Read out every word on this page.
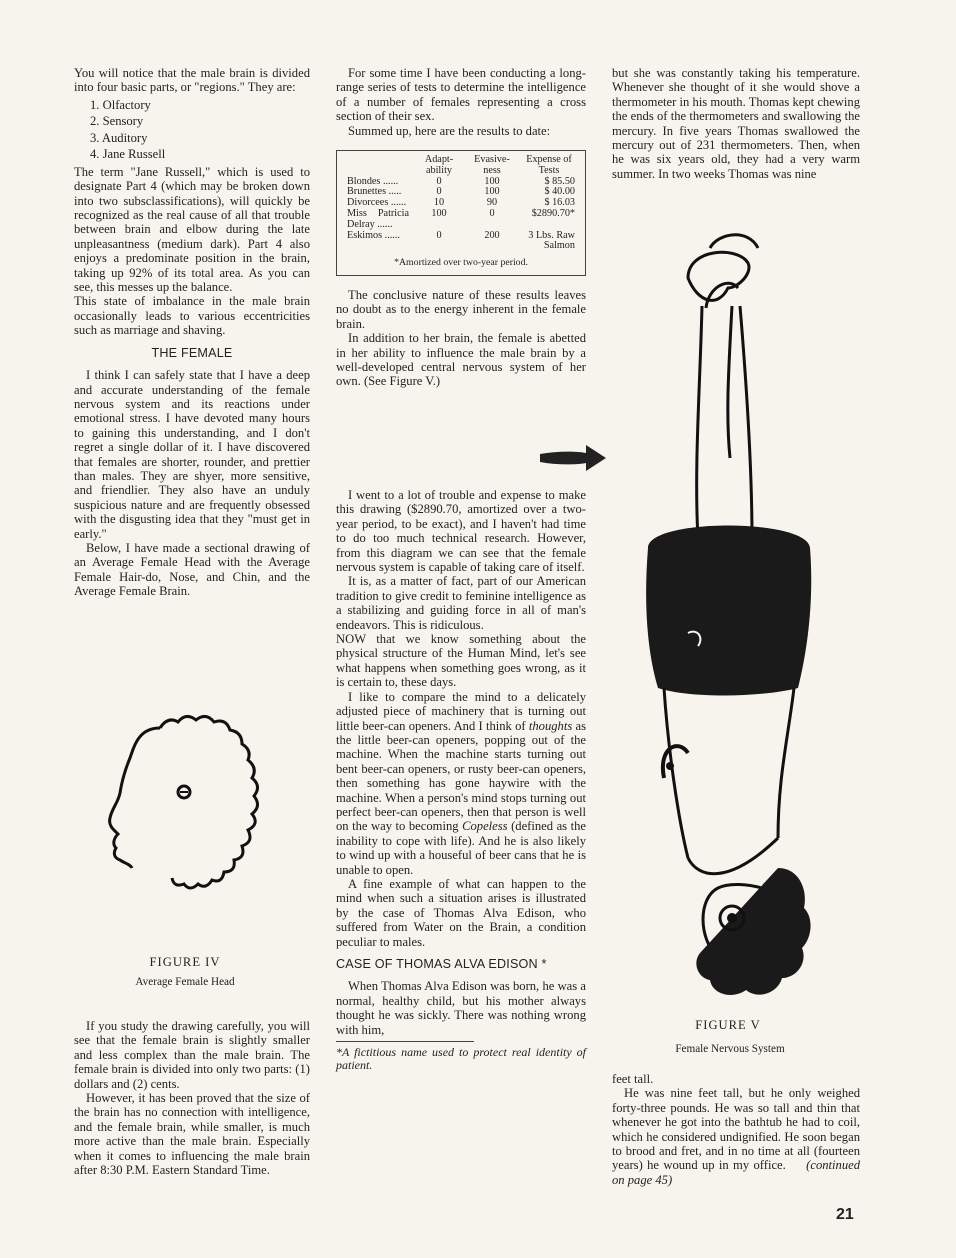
You will notice that the male brain is divided into four basic parts, or "regions." They are:

1. Olfactory
2. Sensory
3. Auditory
4. Jane Russell

The term "Jane Russell," which is used to designate Part 4 (which may be broken down into two subsclassifications), will quickly be recognized as the real cause of all that trouble between brain and elbow during the late unpleasantness (medium dark). Part 4 also enjoys a predominate position in the brain, taking up 92% of its total area. As you can see, this messes up the balance.

This state of imbalance in the male brain occasionally leads to various eccentricities such as marriage and shaving.

THE FEMALE

I think I can safely state that I have a deep and accurate understanding of the female nervous system and its reactions under emotional stress. I have devoted many hours to gaining this understanding, and I don't regret a single dollar of it. I have discovered that females are shorter, rounder, and prettier than males. They are shyer, more sensitive, and friendlier. They also have an unduly suspicious nature and are frequently obsessed with the disgusting idea that they "must get in early."

Below, I have made a sectional drawing of an Average Female Head with the Average Female Hair-do, Nose, and Chin, and the Average Female Brain.

FIGURE IV
Average Female Head

If you study the drawing carefully, you will see that the female brain is slightly smaller and less complex than the male brain. The female brain is divided into only two parts: (1) dollars and (2) cents.

However, it has been proved that the size of the brain has no connection with intelligence, and the female brain, while smaller, is much more active than the male brain. Especially when it comes to influencing the male brain after 8:30 P.M. Eastern Standard Time.

For some time I have been conducting a long-range series of tests to determine the intelligence of a number of females representing a cross section of their sex.

Summed up, here are the results to date:

	Adapt-ability	Evasive-ness	Expense of Tests
Blondes ......	0	100	$ 85.50
Brunettes .....	0	100	$ 40.00
Divorcees ......	10	90	$ 16.03
Miss Patricia Delray ......	100	0	$2890.70*
Eskimos ......	0	200	3 Lbs. Raw Salmon
*Amortized over two-year period.

The conclusive nature of these results leaves no doubt as to the energy inherent in the female brain.

In addition to her brain, the female is abetted in her ability to influence the male brain by a well-developed central nervous system of her own. (See Figure V.)

I went to a lot of trouble and expense to make this drawing ($2890.70, amortized over a two-year period, to be exact), and I haven't had time to do too much technical research. However, from this diagram we can see that the female nervous system is capable of taking care of itself.

It is, as a matter of fact, part of our American tradition to give credit to feminine intelligence as a stabilizing and guiding force in all of man's endeavors. This is ridiculous.

NOW that we know something about the physical structure of the Human Mind, let's see what happens when something goes wrong, as it is certain to, these days.

I like to compare the mind to a delicately adjusted piece of machinery that is turning out little beer-can openers. And I think of thoughts as the little beer-can openers, popping out of the machine. When the machine starts turning out bent beer-can openers, or rusty beer-can openers, then something has gone haywire with the machine. When a person's mind stops turning out perfect beer-can openers, then that person is well on the way to becoming Copeless (defined as the inability to cope with life). And he is also likely to wind up with a houseful of beer cans that he is unable to open.

A fine example of what can happen to the mind when such a situation arises is illustrated by the case of Thomas Alva Edison, who suffered from Water on the Brain, a condition peculiar to males.

CASE OF THOMAS ALVA EDISON *

When Thomas Alva Edison was born, he was a normal, healthy child, but his mother always thought he was sickly. There was nothing wrong with him,

*A fictitious name used to protect real identity of patient.

but she was constantly taking his temperature. Whenever she thought of it she would shove a thermometer in his mouth. Thomas kept chewing the ends of the thermometers and swallowing the mercury. In five years Thomas swallowed the mercury out of 231 thermometers. Then, when he was six years old, they had a very warm summer. In two weeks Thomas was nine

FIGURE V
Female Nervous System

feet tall.

He was nine feet tall, but he only weighed forty-three pounds. He was so tall and thin that whenever he got into the bathtub he had to coil, which he considered undignified. He soon began to brood and fret, and in no time at all (fourteen years) he wound up in my office. (continued on page 45)

21
